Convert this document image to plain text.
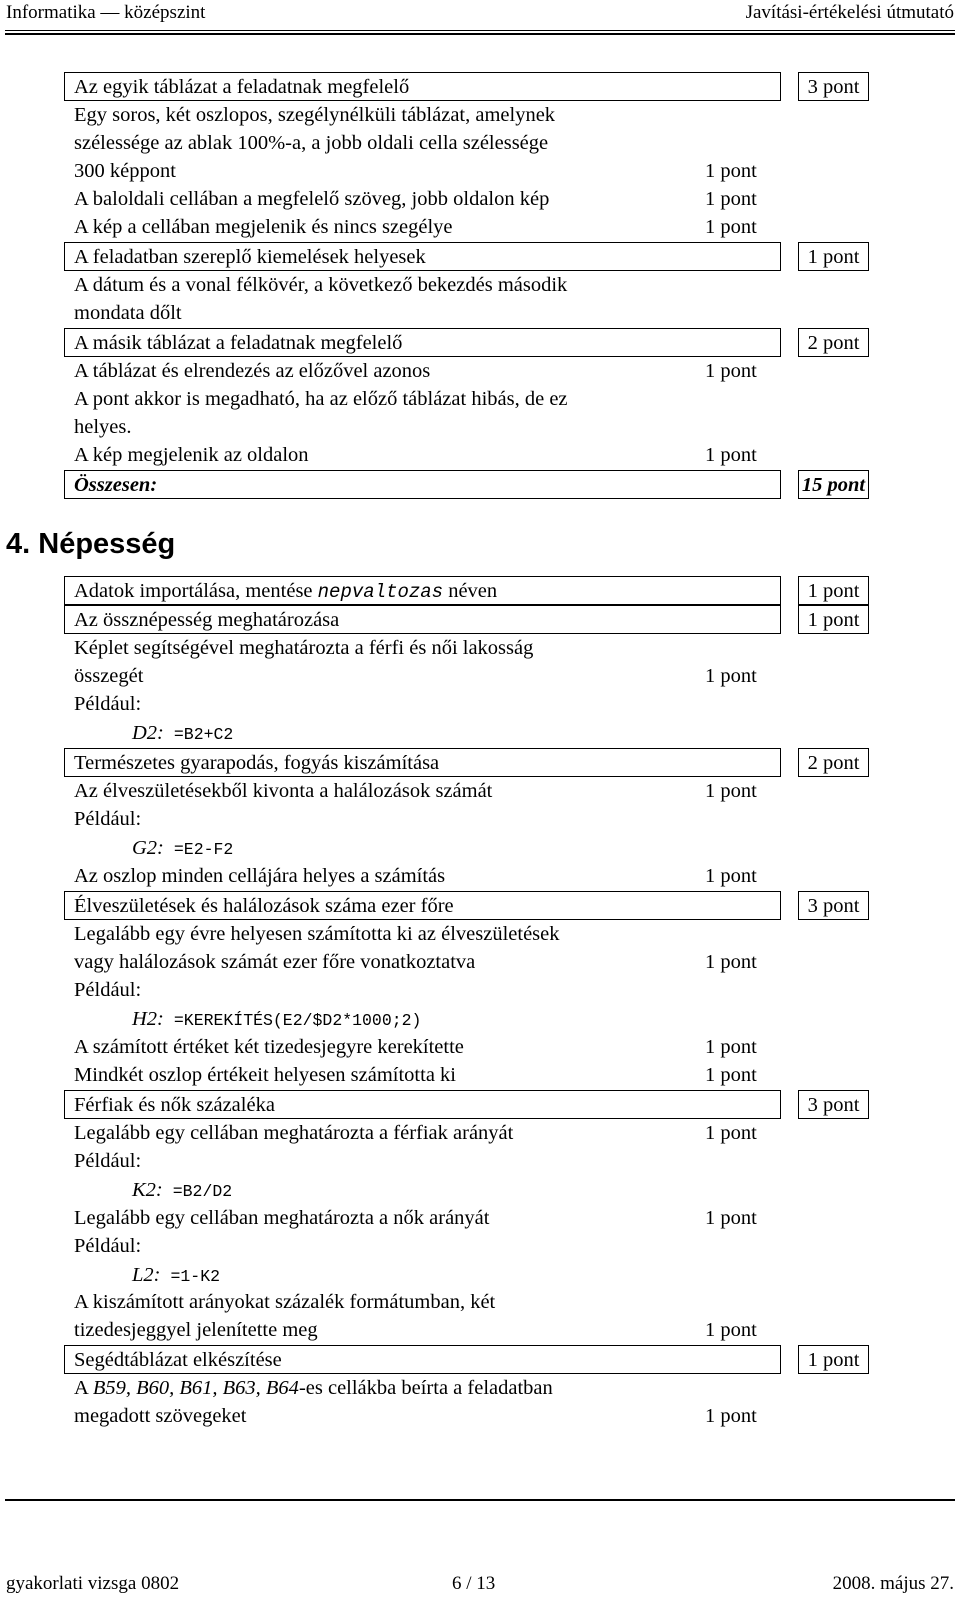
Informatika — középszint	Javítási-értékelési útmutató
Az egyik táblázat a feladatnak megfelelő	3 pont
Egy soros, két oszlopos, szegélynélküli táblázat, amelynek
szélessége az ablak 100%-a, a jobb oldali cella szélessége
300 képpont	1 pont
A baloldali cellában a megfelelő szöveg, jobb oldalon kép	1 pont
A kép a cellában megjelenik és nincs szegélye	1 pont
A feladatban szereplő kiemelések helyesek	1 pont
A dátum és a vonal félkövér, a következő bekezdés második
mondata dőlt
A másik táblázat a feladatnak megfelelő	2 pont
A táblázat és elrendezés az előzővel azonos	1 pont
A pont akkor is megadható, ha az előző táblázat hibás, de ez
helyes.
A kép megjelenik az oldalon	1 pont
Összesen:	15 pont
4. Népesség
Adatok importálása, mentése nepvaltozas néven	1 pont
Az össznépesség meghatározása	1 pont
Képlet segítségével meghatározta a férfi és női lakosság
összegét	1 pont
Például:
D2: =B2+C2
Természetes gyarapodás, fogyás kiszámítása	2 pont
Az élveszületésekből kivonta a halálozások számát	1 pont
Például:
G2: =E2-F2
Az oszlop minden cellájára helyes a számítás	1 pont
Élveszületések és halálozások száma ezer főre	3 pont
Legalább egy évre helyesen számította ki az élveszületések
vagy halálozások számát ezer főre vonatkoztatva	1 pont
Például:
H2: =KEREKÍTÉS(E2/$D2*1000;2)
A számított értéket két tizedesjegyre kerekítette	1 pont
Mindkét oszlop értékeit helyesen számította ki	1 pont
Férfiak és nők százaléka	3 pont
Legalább egy cellában meghatározta a férfiak arányát	1 pont
Például:
K2: =B2/D2
Legalább egy cellában meghatározta a nők arányát	1 pont
Például:
L2: =1-K2
A kiszámított arányokat százalék formátumban, két
tizedesjeggyel jelenítette meg	1 pont
Segédtáblázat elkészítése	1 pont
A B59, B60, B61, B63, B64-es cellákba beírta a feladatban
megadott szövegeket	1 pont
gyakorlati vizsga 0802	6 / 13	2008. május 27.
